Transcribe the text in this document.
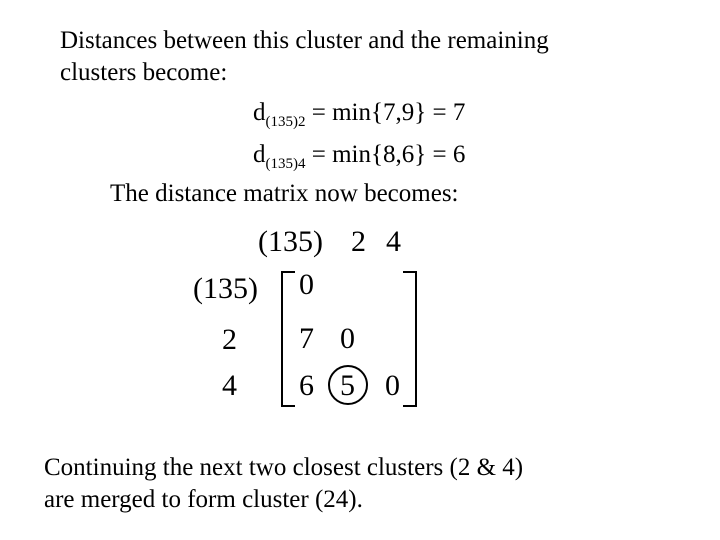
Distances between this cluster and the remaining
clusters become:
$d_{(135)2} = \min\{7,9\} = 7$
$d_{(135)4} = \min\{8,6\} = 6$
The distance matrix now becomes:
(135) 2 4
(135)
2
4
0
7 0
6 5 0
Continuing the next two closest clusters (2 & 4)
are merged to form cluster (24).
